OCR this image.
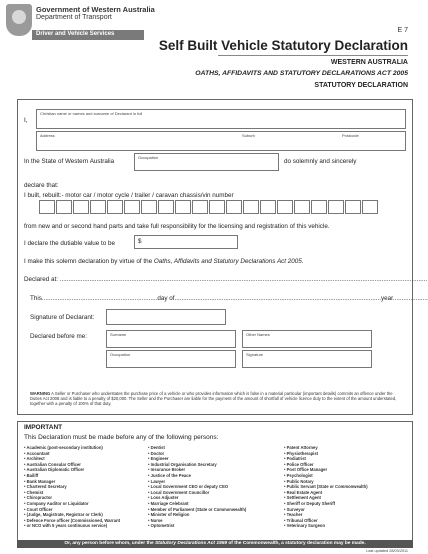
Government of Western Australia
Department of Transport
Driver and Vehicle Services	E 7
Self Built Vehicle Statutory Declaration
WESTERN AUSTRALIA
OATHS, AFFIDAVITS AND STATUTORY DECLARATIONS ACT 2005
STATUTORY DECLARATION
I,
Christian name or names and surname of Declarant in full
Address	Suburb	Postcode
In the State of Western Australia
Occupation
do solemnly and sincerely
declare that:
I built, rebuilt:- motor car / motor cycle / trailer / caravan chassis/vin number
from new and or second hand parts and take full responsibility for the licensing and registration of this vehicle.
I declare the dutiable value to be	$
I make this solemn declaration by virtue of the Oaths, Affidavits and Statutory Declarations Act 2005.
Declared at: ..................................................................................................................................................................................................................
This..................................................................day of......................................................................................................................year....................
Signature of Declarant:
Declared before me:	Surname	Other Names
Occupation	Signature
WARNING A Seller or Purchaser who understates the purchase price of a vehicle or who provides information which is false in a material particular (important details) commits an offence under the Duties Act 2008 and is liable to a penalty of $20,000. The Seller and the Purchaser are liable for the payment of the amount of shortfall of vehicle licence duty to the extent of the amount understated, together with a penalty of 100% of that duty.
IMPORTANT
This Declaration must be made before any of the following persons:
• Academic (post-secondary institution)
• Accountant
• Architect
• Australian Consular Officer
• Australian Diplomatic Officer
• Bailiff
• Bank Manager
• Chartered Secretary
• Chemist
• Chiropractor
• Company Auditor or Liquidator
• Court Officer
• (Judge, Magistrate, Registrar or Clerk)
• Defence Force officer (Commissioned, Warrant
• or NCO with 5 years continuous service)
• Dentist
• Doctor
• Engineer
• Industrial Organisation Secretary
• Insurance Broker
• Justice of the Peace
• Lawyer
• Local Government CEO or deputy CEO
• Local Government Councillor
• Loss Adjuster
• Marriage Celebrant
• Member of Parliament (State or Commonwealth)
• Minister of Religion
• Nurse
• Optometrist
• Patent Attorney
• Physiotherapist
• Podiatrist
• Police Officer
• Post Office Manager
• Psychologist
• Public Notary
• Public Servant (State or Commonwealth)
• Real Estate Agent
• Settlement Agent
• Sheriff or Deputy Sheriff
• Surveyor
• Teacher
• Tribunal Officer
• Veterinary Surgeon
Or, any person before whom, under the Statutory Declarations Act 1959 of the Commonwealth, a statutory declaration may be made.
Last updated 28/03/2011
